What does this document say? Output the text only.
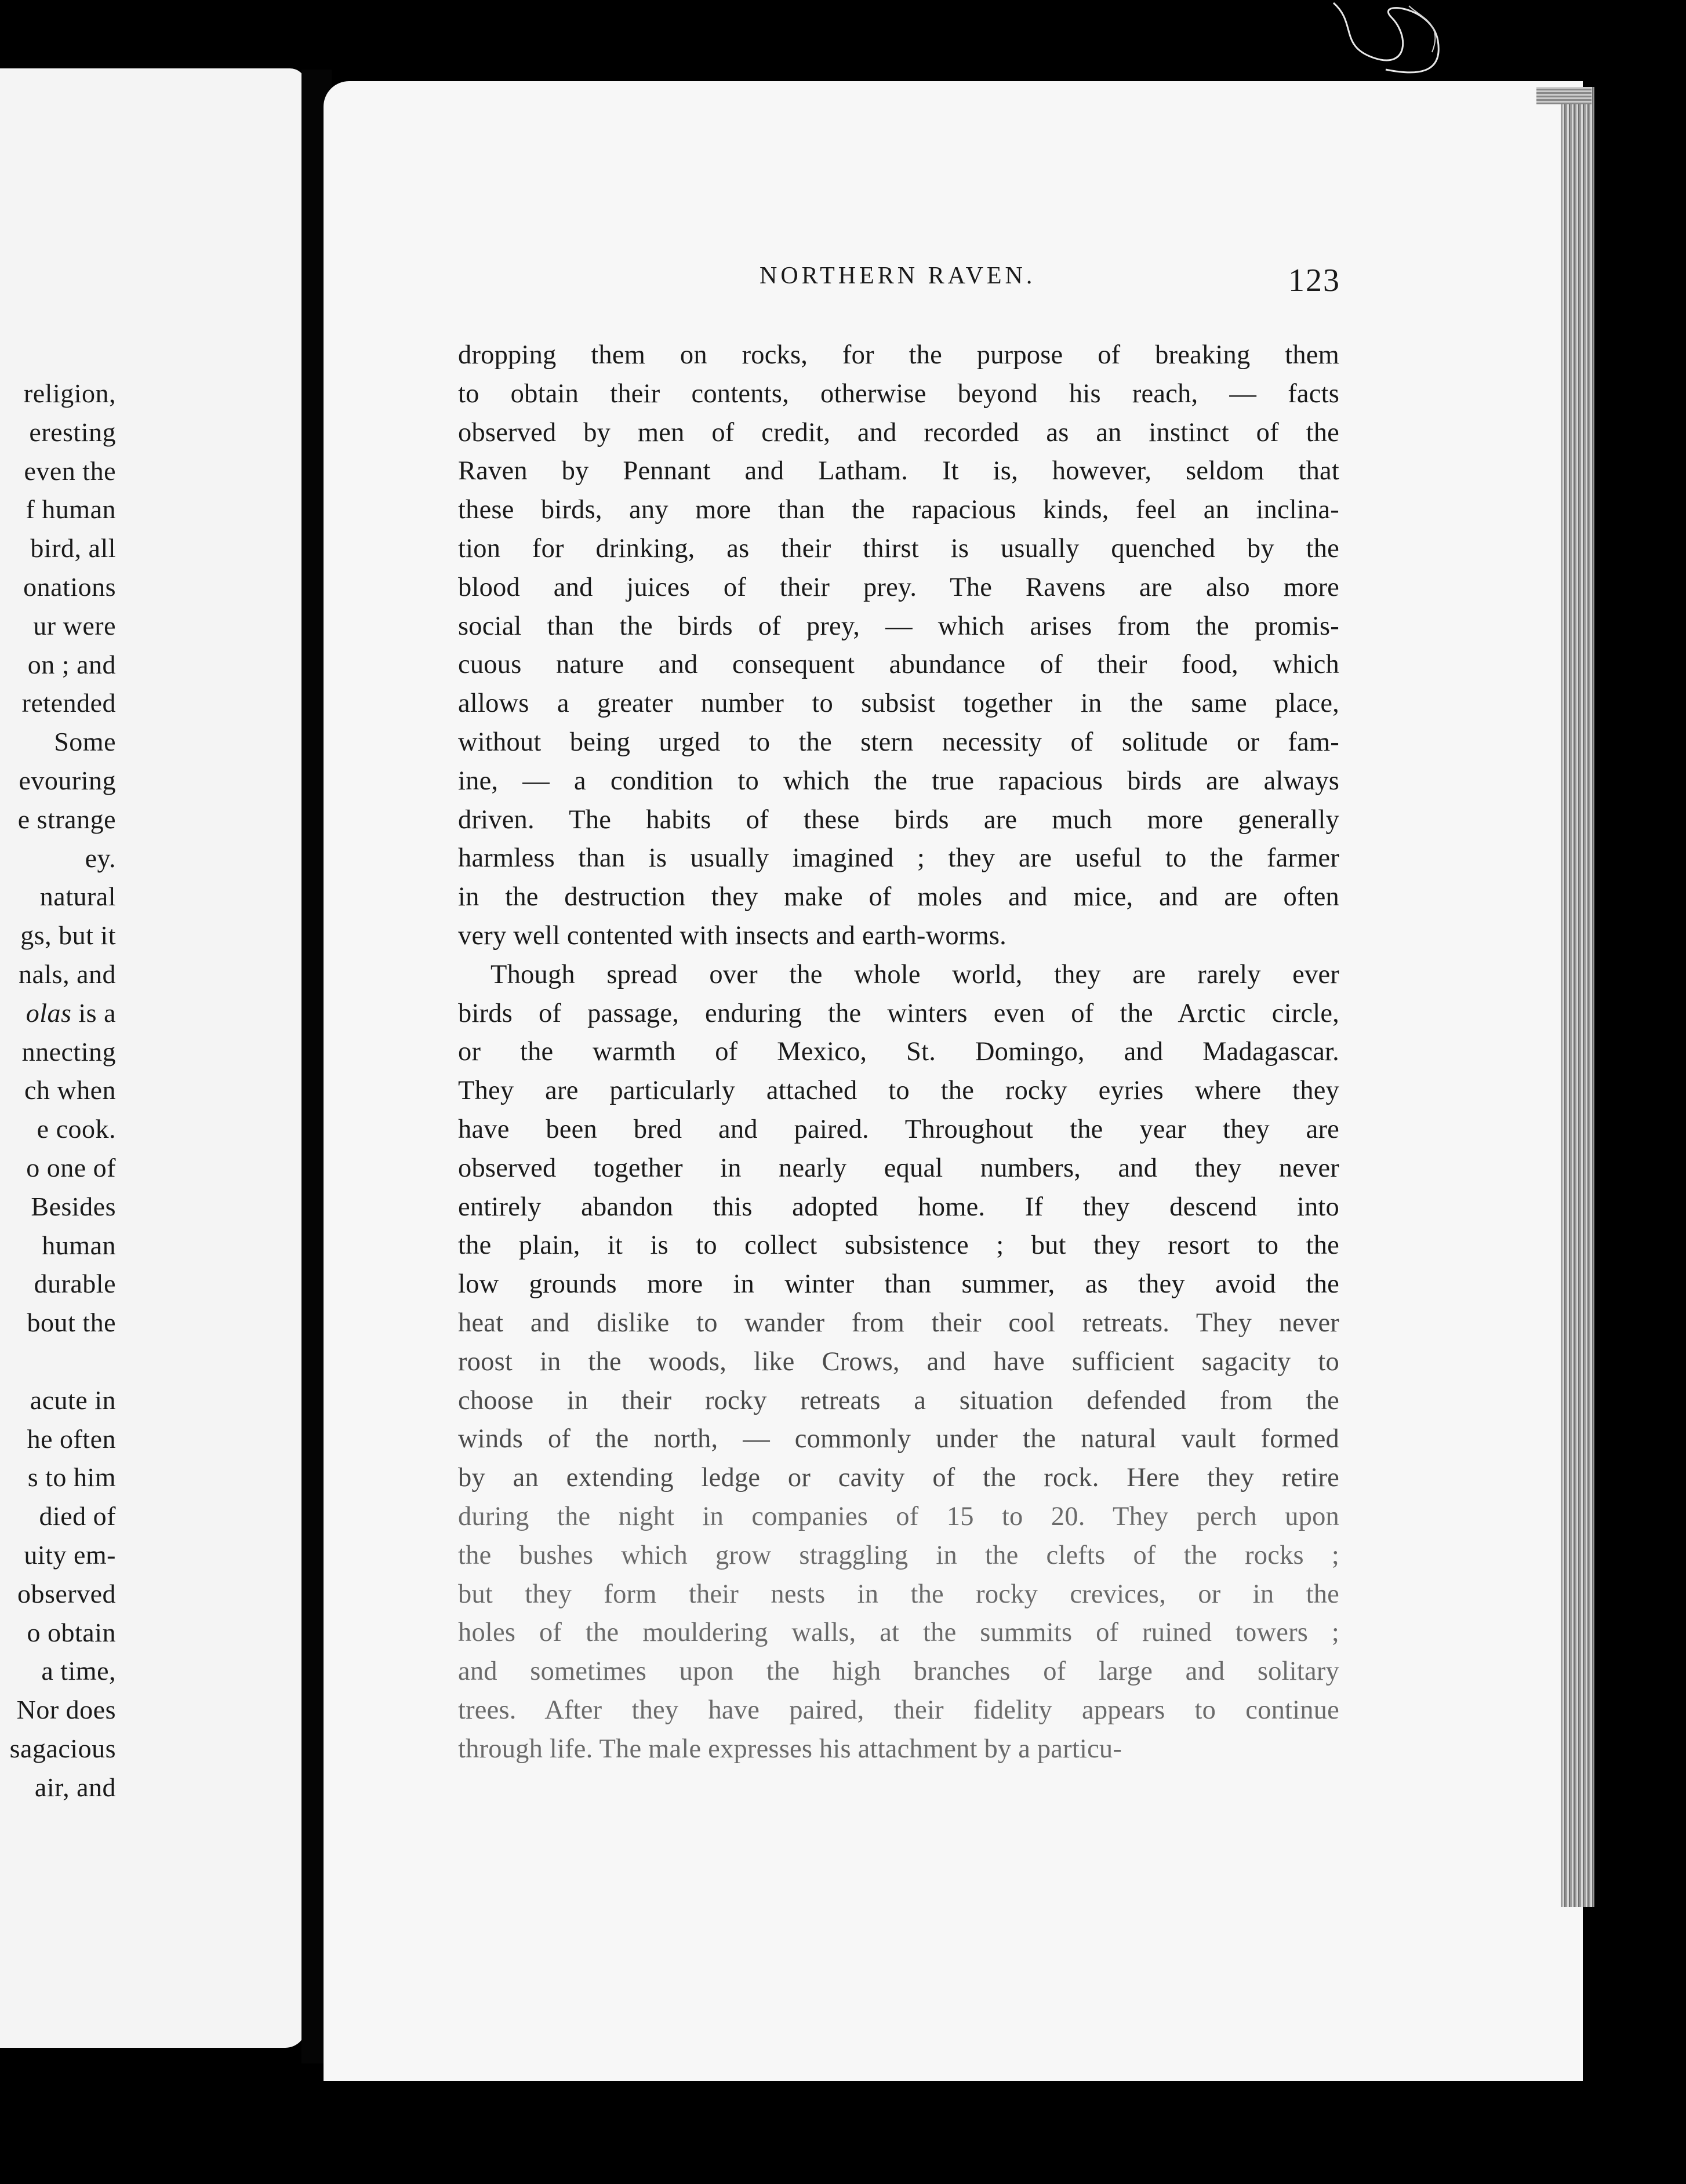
religion,
eresting
even the
f human
bird, all
onations
ur were
on ; and
retended
Some
evouring
e strange
ey.
natural
gs, but it
nals, and
olas is a
nnecting
ch when
e cook.
o one of
Besides
human
durable
bout the
acute in
he often
s to him
died of
uity em-
observed
o obtain
a time,
Nor does
sagacious
air, and
NORTHERN RAVEN.	123
dropping them on rocks, for the purpose of breaking them
to obtain their contents, otherwise beyond his reach, — facts
observed by men of credit, and recorded as an instinct of the
Raven by Pennant and Latham. It is, however, seldom that
these birds, any more than the rapacious kinds, feel an inclina-
tion for drinking, as their thirst is usually quenched by the
blood and juices of their prey. The Ravens are also more
social than the birds of prey, — which arises from the promis-
cuous nature and consequent abundance of their food, which
allows a greater number to subsist together in the same place,
without being urged to the stern necessity of solitude or fam-
ine, — a condition to which the true rapacious birds are always
driven. The habits of these birds are much more generally
harmless than is usually imagined ; they are useful to the farmer
in the destruction they make of moles and mice, and are often
very well contented with insects and earth-worms.
Though spread over the whole world, they are rarely ever
birds of passage, enduring the winters even of the Arctic circle,
or the warmth of Mexico, St. Domingo, and Madagascar.
They are particularly attached to the rocky eyries where they
have been bred and paired. Throughout the year they are
observed together in nearly equal numbers, and they never
entirely abandon this adopted home. If they descend into
the plain, it is to collect subsistence ; but they resort to the
low grounds more in winter than summer, as they avoid the
heat and dislike to wander from their cool retreats. They never
roost in the woods, like Crows, and have sufficient sagacity to
choose in their rocky retreats a situation defended from the
winds of the north, — commonly under the natural vault formed
by an extending ledge or cavity of the rock. Here they retire
during the night in companies of 15 to 20. They perch upon
the bushes which grow straggling in the clefts of the rocks ;
but they form their nests in the rocky crevices, or in the
holes of the mouldering walls, at the summits of ruined towers ;
and sometimes upon the high branches of large and solitary
trees. After they have paired, their fidelity appears to continue
through life. The male expresses his attachment by a particu-
